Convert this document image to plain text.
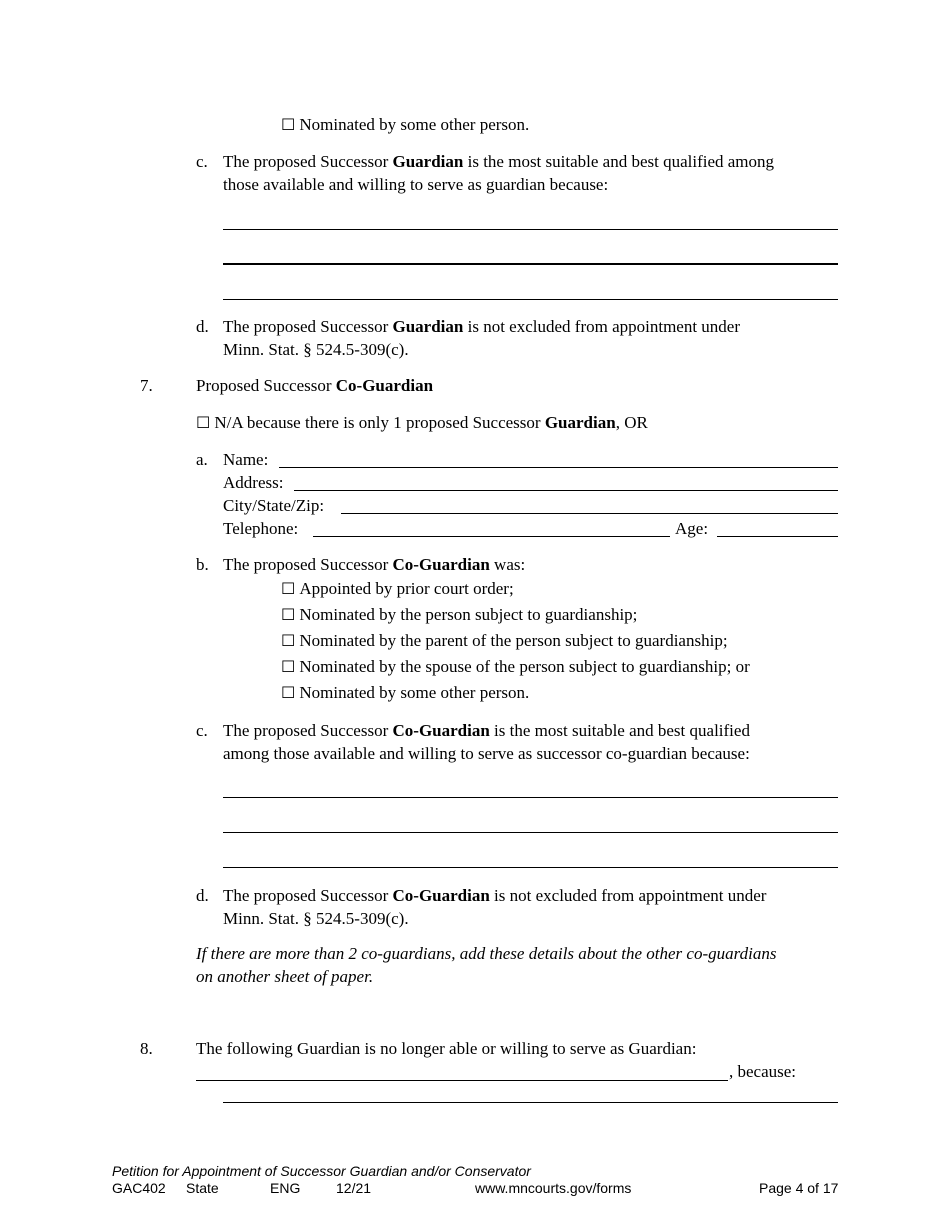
☐ Nominated by some other person.
c. The proposed Successor Guardian is the most suitable and best qualified among
those available and willing to serve as guardian because:
d. The proposed Successor Guardian is not excluded from appointment under
Minn. Stat. § 524.5-309(c).
7.	Proposed Successor Co-Guardian
☐ N/A because there is only 1 proposed Successor Guardian, OR
a. Name:
Address:
City/State/Zip:
Telephone:	Age:
b. The proposed Successor Co-Guardian was:
☐ Appointed by prior court order;
☐ Nominated by the person subject to guardianship;
☐ Nominated by the parent of the person subject to guardianship;
☐ Nominated by the spouse of the person subject to guardianship; or
☐ Nominated by some other person.
c. The proposed Successor Co-Guardian is the most suitable and best qualified
among those available and willing to serve as successor co-guardian because:
d. The proposed Successor Co-Guardian is not excluded from appointment under
Minn. Stat. § 524.5-309(c).
If there are more than 2 co-guardians, add these details about the other co-guardians
on another sheet of paper.
8.	The following Guardian is no longer able or willing to serve as Guardian:
, because:
Petition for Appointment of Successor Guardian and/or Conservator
GAC402 State	ENG	12/21	www.mncourts.gov/forms	Page 4 of 17
